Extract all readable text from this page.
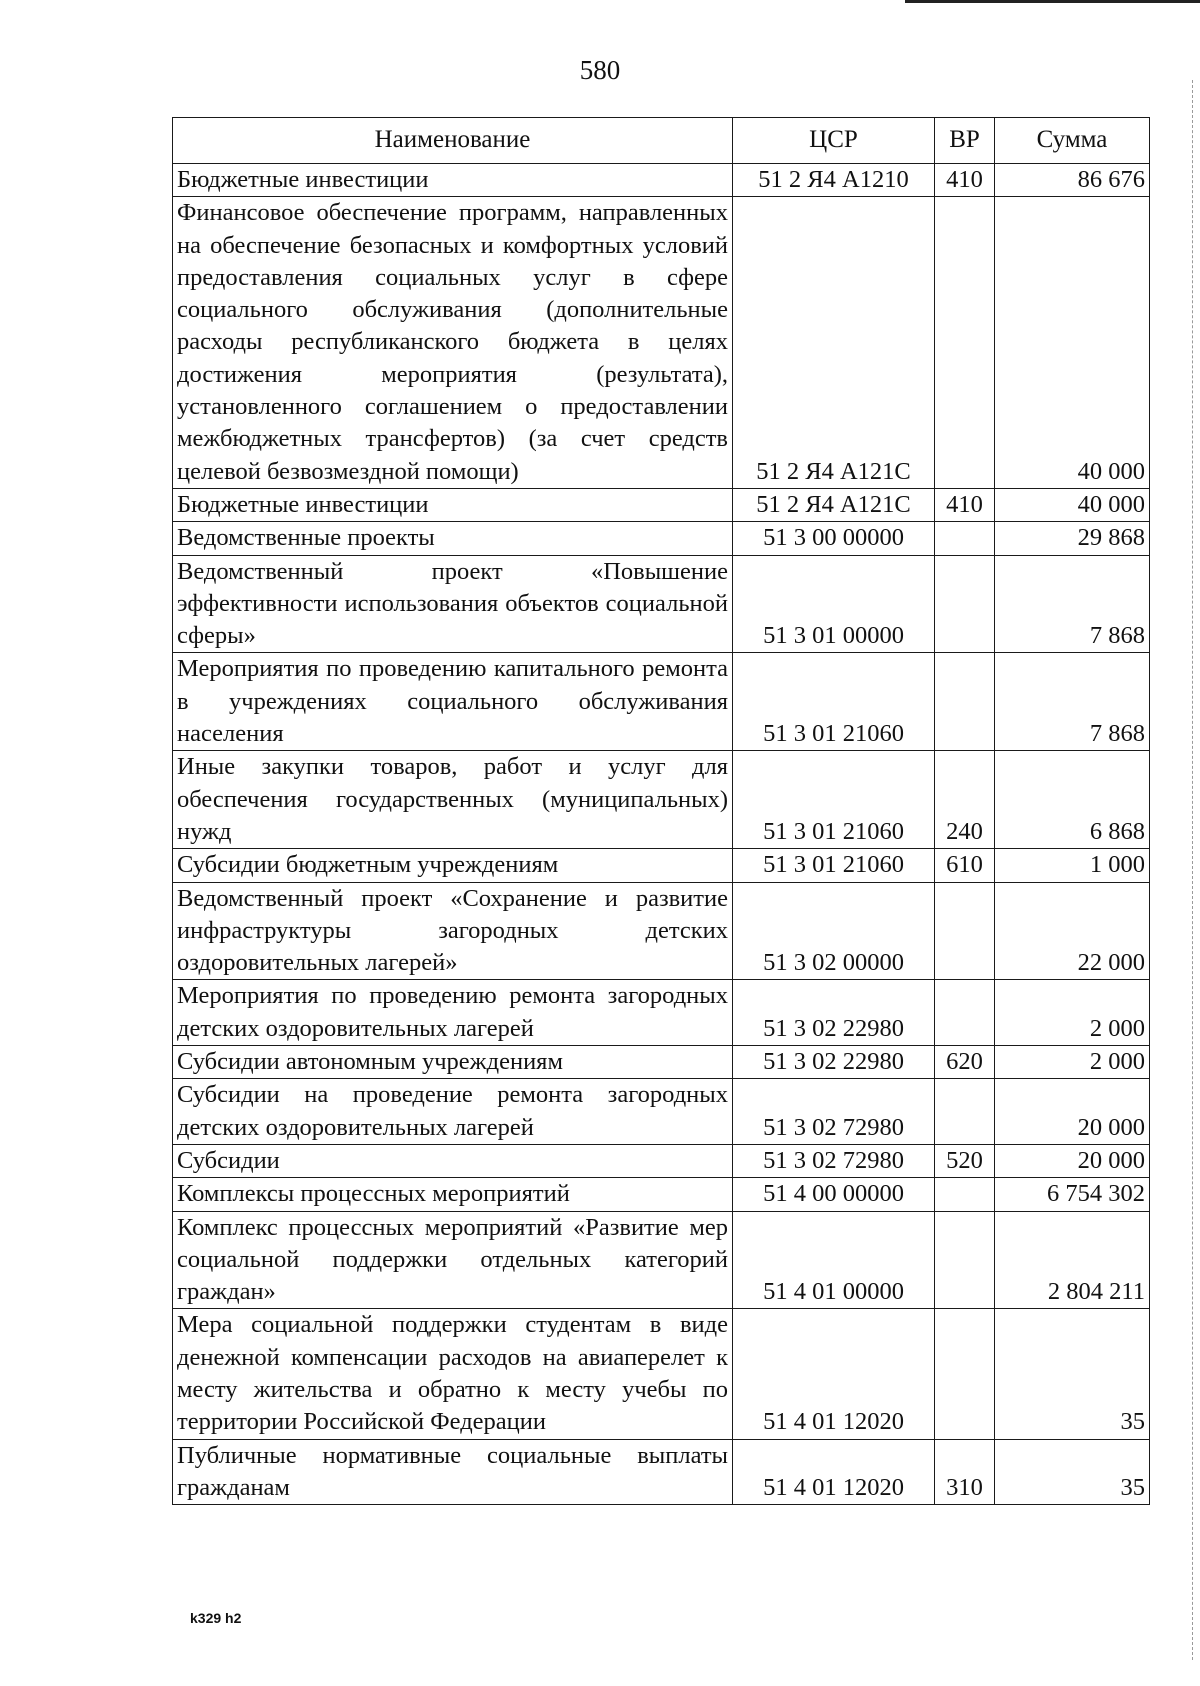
580
Наименование	ЦСР	ВР	Сумма
Бюджетные инвестиции	51 2 Я4 А1210	410	86 676
Финансовое обеспечение программ, направленных на обеспечение безопасных и комфортных условий предоставления социальных услуг в сфере социального обслуживания (дополнительные расходы республиканского бюджета в целях достижения мероприятия (результата), установленного соглашением о предоставлении межбюджетных трансфертов) (за счет средств целевой безвозмездной помощи)	51 2 Я4 А121С		40 000
Бюджетные инвестиции	51 2 Я4 А121С	410	40 000
Ведомственные проекты	51 3 00 00000		29 868
Ведомственный проект «Повышение эффективности использования объектов социальной сферы»	51 3 01 00000		7 868
Мероприятия по проведению капитального ремонта в учреждениях социального обслуживания населения	51 3 01 21060		7 868
Иные закупки товаров, работ и услуг для обеспечения государственных (муниципальных) нужд	51 3 01 21060	240	6 868
Субсидии бюджетным учреждениям	51 3 01 21060	610	1 000
Ведомственный проект «Сохранение и развитие инфраструктуры загородных детских оздоровительных лагерей»	51 3 02 00000		22 000
Мероприятия по проведению ремонта загородных детских оздоровительных лагерей	51 3 02 22980		2 000
Субсидии автономным учреждениям	51 3 02 22980	620	2 000
Субсидии на проведение ремонта загородных детских оздоровительных лагерей	51 3 02 72980		20 000
Субсидии	51 3 02 72980	520	20 000
Комплексы процессных мероприятий	51 4 00 00000		6 754 302
Комплекс процессных мероприятий «Развитие мер социальной поддержки отдельных категорий граждан»	51 4 01 00000		2 804 211
Мера социальной поддержки студентам в виде денежной компенсации расходов на авиаперелет к месту жительства и обратно к месту учебы по территории Российской Федерации	51 4 01 12020		35
Публичные нормативные социальные выплаты гражданам	51 4 01 12020	310	35
k329 h2
